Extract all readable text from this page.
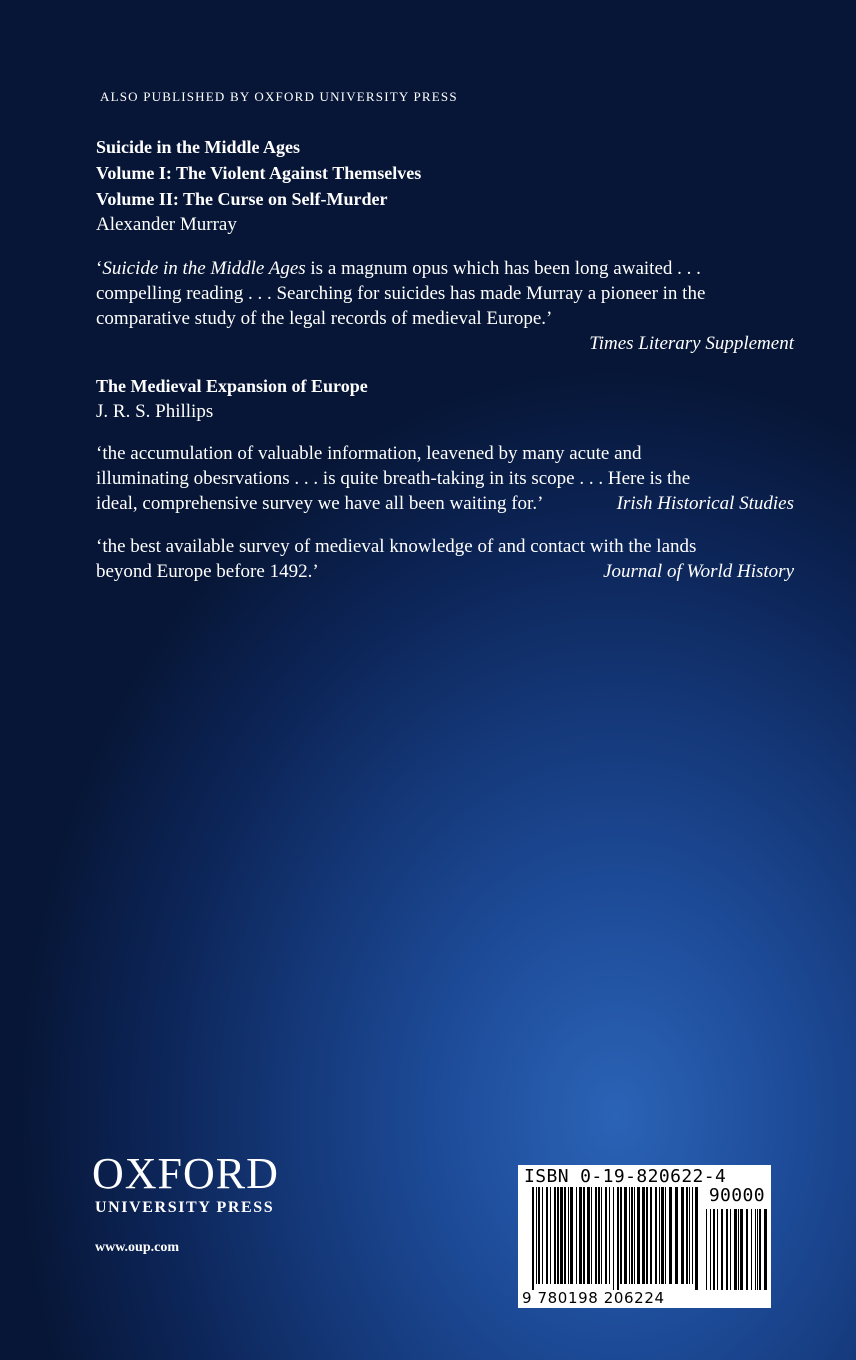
ALSO PUBLISHED BY OXFORD UNIVERSITY PRESS

Suicide in the Middle Ages

Volume I: The Violent Against Themselves

Volume II: The Curse on Self-Murder

Alexander Murray

‘Suicide in the Middle Ages is a magnum opus which has been long awaited . . .

compelling reading . . . Searching for suicides has made Murray a pioneer in the

comparative study of the legal records of medieval Europe.’

Times Literary Supplement

The Medieval Expansion of Europe

J. R. S. Phillips

‘the accumulation of valuable information, leavened by many acute and

illuminating obesrvations . . . is quite breath-taking in its scope . . . Here is the

ideal, comprehensive survey we have all been waiting for.’	Irish Historical Studies

‘the best available survey of medieval knowledge of and contact with the lands

beyond Europe before 1492.’	Journal of World History

OXFORD
UNIVERSITY PRESS
www.oup.com
ISBN 0-19-820622-4
90000
9 780198 206224
